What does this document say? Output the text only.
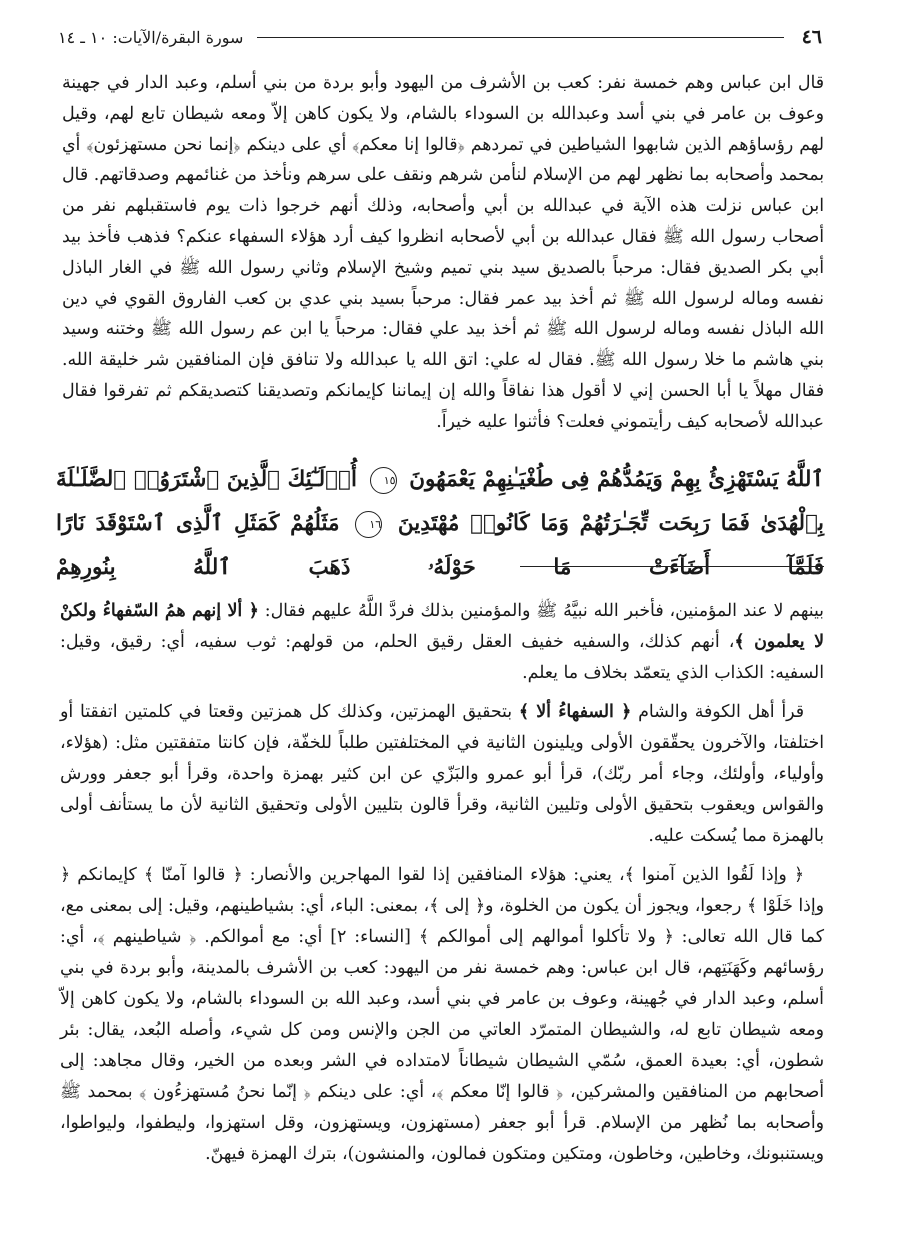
٤٦
سورة البقرة/الآيات: ١٠ ـ ١٤

قال ابن عباس وهم خمسة نفر: كعب بن الأشرف من اليهود وأبو بردة من بني أسلم، وعبد الدار في جهينة وعوف بن عامر في بني أسد وعبدالله بن السوداء بالشام، ولا يكون كاهن إلاّ ومعه شيطان تابع لهم، وقيل لهم رؤساؤهم الذين شابهوا الشياطين في تمردهم ﴿قالوا إنا معكم﴾ أي على دينكم ﴿إنما نحن مستهزئون﴾ أي بمحمد وأصحابه بما نظهر لهم من الإسلام لنأمن شرهم ونقف على سرهم ونأخذ من غنائمهم وصدقاتهم. قال ابن عباس نزلت هذه الآية في عبدالله بن أبي وأصحابه، وذلك أنهم خرجوا ذات يوم فاستقبلهم نفر من أصحاب رسول الله ﷺ فقال عبدالله بن أبي لأصحابه انظروا كيف أرد هؤلاء السفهاء عنكم؟ فذهب فأخذ بيد أبي بكر الصديق فقال: مرحباً بالصديق سيد بني تميم وشيخ الإسلام وثاني رسول الله ﷺ في الغار الباذل نفسه وماله لرسول الله ﷺ ثم أخذ بيد عمر فقال: مرحباً بسيد بني عدي بن كعب الفاروق القوي في دين الله الباذل نفسه وماله لرسول الله ﷺ ثم أخذ بيد علي فقال: مرحباً يا ابن عم رسول الله ﷺ وختنه وسيد بني هاشم ما خلا رسول الله ﷺ. فقال له علي: اتق الله يا عبدالله ولا تنافق فإن المنافقين شر خليقة الله. فقال مهلاً يا أبا الحسن إني لا أقول هذا نفاقاً والله إن إيماننا كإيمانكم وتصديقنا كتصديقكم ثم تفرقوا فقال عبدالله لأصحابه كيف رأيتموني فعلت؟ فأثنوا عليه خيراً.

ٱللَّهُ يَسْتَهْزِئُ بِهِمْ وَيَمُدُّهُمْ فِى طُغْيَـٰنِهِمْ يَعْمَهُونَ ١٥ أُو۟لَـٰٓئِكَ ٱلَّذِينَ ٱشْتَرَوُا۟ ٱلضَّلَـٰلَةَ بِٱلْهُدَىٰ فَمَا رَبِحَت تِّجَـٰرَتُهُمْ وَمَا كَانُوا۟ مُهْتَدِينَ ١٦ مَثَلُهُمْ كَمَثَلِ ٱلَّذِى ٱسْتَوْقَدَ نَارًا فَلَمَّآ أَضَآءَتْ مَا حَوْلَهُۥ ذَهَبَ ٱللَّهُ بِنُورِهِمْ

بينهم لا عند المؤمنين، فأخبر الله نبيَّهُ ﷺ والمؤمنين بذلك فردَّ اللَّهُ عليهم فقال: ﴿ ألا إنهم همُ السّفهاءُ ولكنْ لا يعلمون ﴾، أنهم كذلك، والسفيه خفيف العقل رقيق الحلم، من قولهم: ثوب سفيه، أي: رقيق، وقيل: السفيه: الكذاب الذي يتعمّد بخلاف ما يعلم.

قرأ أهل الكوفة والشام ﴿ السفهاءُ ألا ﴾ بتحقيق الهمزتين، وكذلك كل همزتين وقعتا في كلمتين اتفقتا أو اختلفتا، والآخرون يحقّقون الأولى ويلينون الثانية في المختلفتين طلباً للخفّة، فإن كانتا متفقتين مثل: (هؤلاء، وأولياء، وأولئك، وجاء أمر ربّك)، قرأ أبو عمرو والبَزّي عن ابن كثير بهمزة واحدة، وقرأ أبو جعفر وورش والقواس ويعقوب بتحقيق الأولى وتليين الثانية، وقرأ قالون بتليين الأولى وتحقيق الثانية لأن ما يستأنف أولى بالهمزة مما يُسكت عليه.

﴿ وإذا لَقُوا الذين آمنوا ﴾، يعني: هؤلاء المنافقين إذا لقوا المهاجرين والأنصار: ﴿ قالوا آمنّا ﴾ كإيمانكم ﴿ وإذا خَلَوْا ﴾ رجعوا، ويجوز أن يكون من الخلوة، و﴿ إلى ﴾، بمعنى: الباء، أي: بشياطينهم، وقيل: إلى بمعنى مع، كما قال الله تعالى: ﴿ ولا تأكلوا أموالهم إلى أموالكم ﴾ [النساء: ٢] أي: مع أموالكم. ﴿ شياطينهم ﴾، أي: رؤسائهم وكَهَنَتِهم، قال ابن عباس: وهم خمسة نفر من اليهود: كعب بن الأشرف بالمدينة، وأبو بردة في بني أسلم، وعبد الدار في جُهينة، وعوف بن عامر في بني أسد، وعبد الله بن السوداء بالشام، ولا يكون كاهن إلاّ ومعه شيطان تابع له، والشيطان المتمرّد العاتي من الجن والإنس ومن كل شيء، وأصله البُعد، يقال: بئر شطون، أي: بعيدة العمق، سُمّي الشيطان شيطاناً لامتداده في الشر وبعده من الخير، وقال مجاهد: إلى أصحابهم من المنافقين والمشركين، ﴿ قالوا إنّا معكم ﴾، أي: على دينكم ﴿ إنّما نحنُ مُستهزءُون ﴾ بمحمد ﷺ وأصحابه بما نُظهر من الإسلام. قرأ أبو جعفر (مستهزون، ويستهزون، وقل استهزوا، وليطفوا، وليواطوا، ويستنبونك، وخاطين، وخاطون، ومتكين ومتكون فمالون، والمنشون)، بترك الهمزة فيهنّ.
